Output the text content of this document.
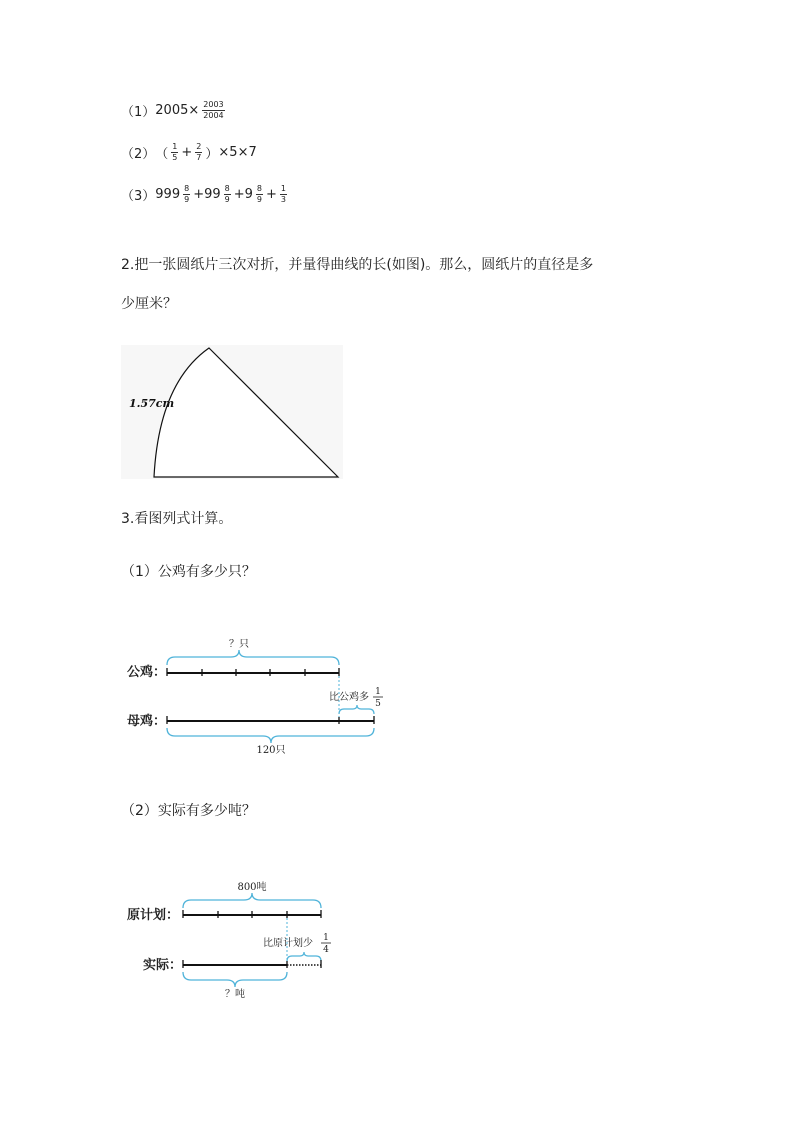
（1） $2005\times \frac{2003}{2004}$
（2） （ $\frac{1}{5} + \frac{2}{7}$ ） ×5×7
（3） $999 \frac{8}{9} +99 \frac{8}{9} +9 \frac{8}{9} + \frac{1}{3}$
2.把一张圆纸片三次对折，并量得曲线的长(如图)。那么，圆纸片的直径是多
少厘米？
1.57cm
3.看图列式计算。
（1）公鸡有多少只？
？只
公鸡：
比公鸡多 1
5
母鸡：
120只
（2）实际有多少吨？
800吨
原计划：
比原计划少 1
4
实际：
？吨
